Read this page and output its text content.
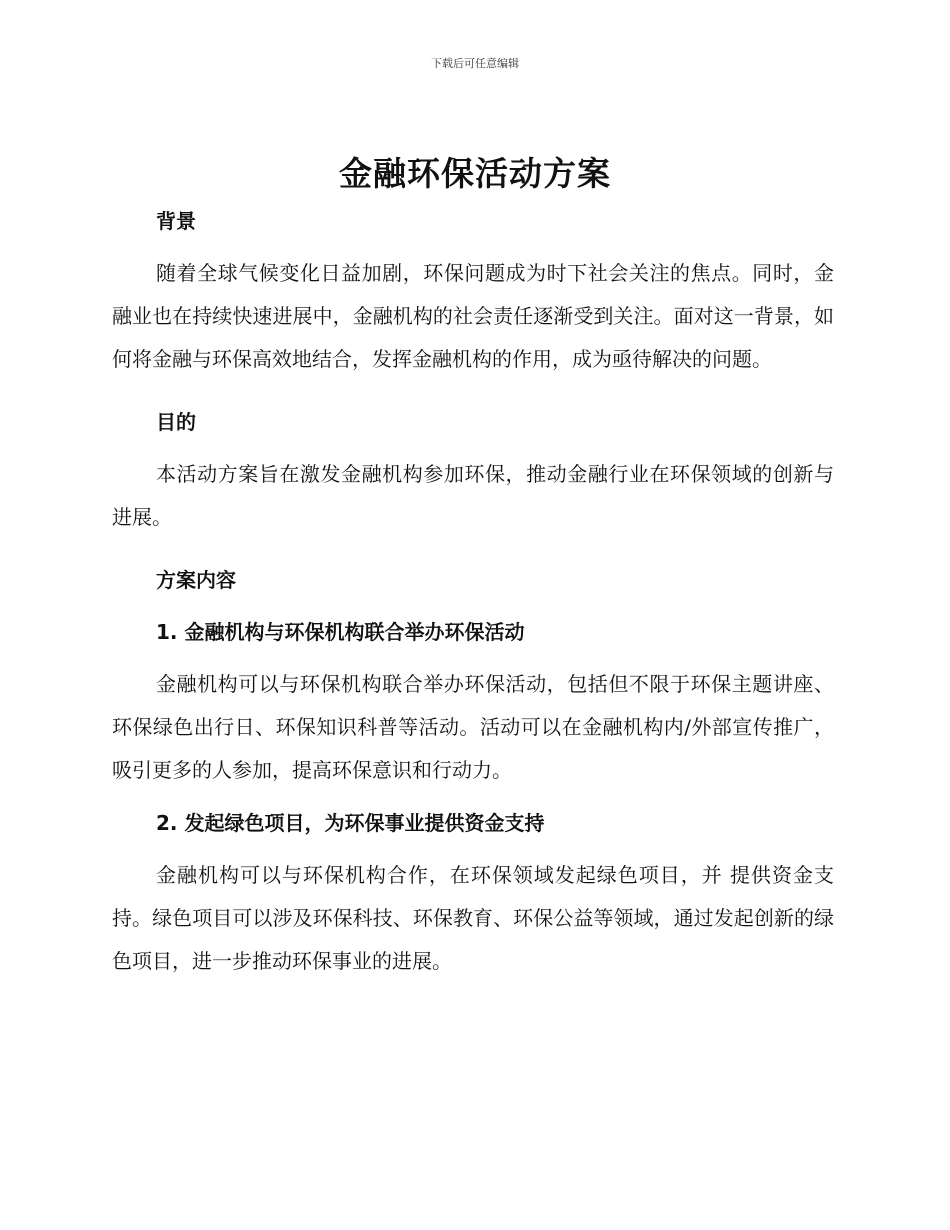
下载后可任意编辑
金融环保活动方案

背景

随着全球气候变化日益加剧，环保问题成为时下社会关注的焦点。同时，金融业也在持续快速进展中，金融机构的社会责任逐渐受到关注。面对这一背景，如何将金融与环保高效地结合，发挥金融机构的作用，成为亟待解决的问题。

目的

本活动方案旨在激发金融机构参加环保，推动金融行业在环保领域的创新与进展。

方案内容

1. 金融机构与环保机构联合举办环保活动

金融机构可以与环保机构联合举办环保活动，包括但不限于环保主题讲座、环保绿色出行日、环保知识科普等活动。活动可以在金融机构内/外部宣传推广，吸引更多的人参加，提高环保意识和行动力。

2. 发起绿色项目，为环保事业提供资金支持

金融机构可以与环保机构合作，在环保领域发起绿色项目，并 提供资金支持。绿色项目可以涉及环保科技、环保教育、环保公益等领域，通过发起创新的绿色项目，进一步推动环保事业的进展。
